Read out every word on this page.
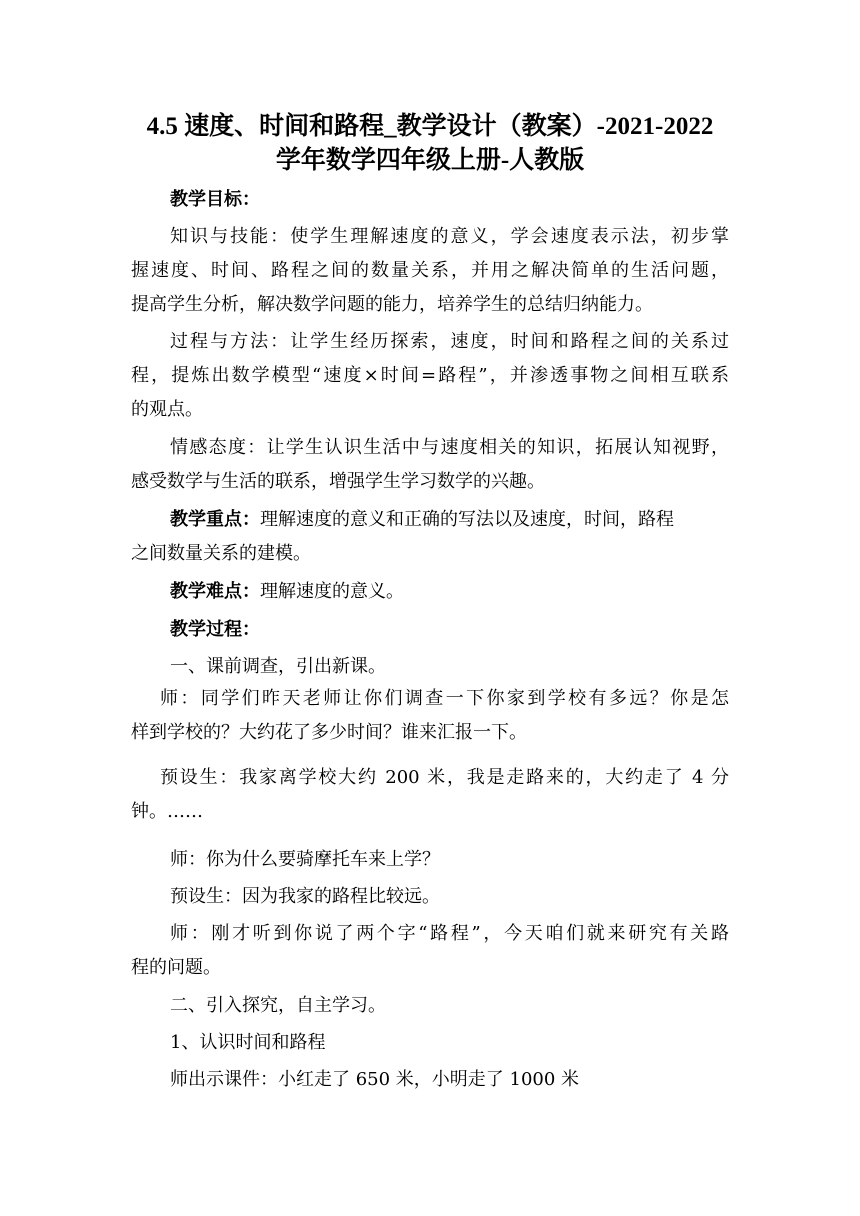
4.5 速度、时间和路程_教学设计（教案）-2021-2022
学年数学四年级上册-人教版
教学目标：
知识与技能：使学生理解速度的意义，学会速度表示法，初步掌
握速度、时间、路程之间的数量关系，并用之解决简单的生活问题，
提高学生分析，解决数学问题的能力，培养学生的总结归纳能力。
过程与方法：让学生经历探索，速度，时间和路程之间的关系过
程，提炼出数学模型“速度×时间=路程”，并渗透事物之间相互联系
的观点。
情感态度：让学生认识生活中与速度相关的知识，拓展认知视野，
感受数学与生活的联系，增强学生学习数学的兴趣。
教学重点：理解速度的意义和正确的写法以及速度，时间，路程
之间数量关系的建模。
教学难点：理解速度的意义。
教学过程：
一、课前调查，引出新课。
师：同学们昨天老师让你们调查一下你家到学校有多远？你是怎
样到学校的？大约花了多少时间？谁来汇报一下。
预设生：我家离学校大约 200 米，我是走路来的，大约走了 4 分
钟。……
师：你为什么要骑摩托车来上学？
预设生：因为我家的路程比较远。
师：刚才听到你说了两个字“路程”，今天咱们就来研究有关路
程的问题。
二、引入探究，自主学习。
1、认识时间和路程
师出示课件：小红走了 650 米，小明走了 1000 米
